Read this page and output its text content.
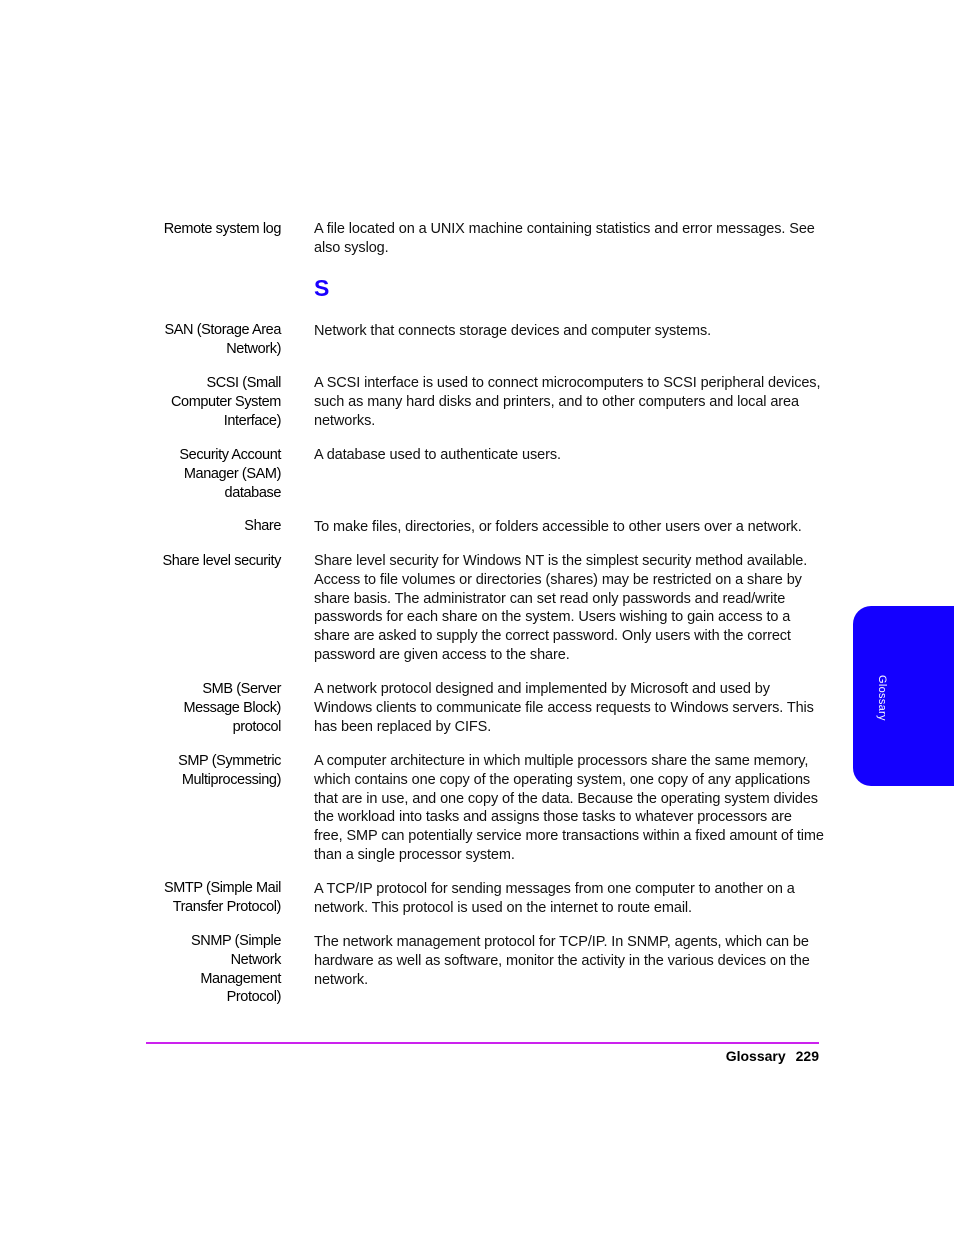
Remote system log A file located on a UNIX machine containing statistics and error messages. See also syslog.
S
SAN (Storage Area Network)
Network that connects storage devices and computer systems.
SCSI (Small Computer System Interface)
A SCSI interface is used to connect microcomputers to SCSI peripheral devices, such as many hard disks and printers, and to other computers and local area networks.
Security Account Manager (SAM) database
A database used to authenticate users.
Share To make files, directories, or folders accessible to other users over a network.
Share level security Share level security for Windows NT is the simplest security method available. Access to file volumes or directories (shares) may be restricted on a share by share basis. The administrator can set read only passwords and read/write passwords for each share on the system. Users wishing to gain access to a share are asked to supply the correct password. Only users with the correct password are given access to the share.
SMB (Server Message Block) protocol
A network protocol designed and implemented by Microsoft and used by Windows clients to communicate file access requests to Windows servers. This has been replaced by CIFS.
SMP (Symmetric Multiprocessing)
A computer architecture in which multiple processors share the same memory, which contains one copy of the operating system, one copy of any applications that are in use, and one copy of the data. Because the operating system divides the workload into tasks and assigns those tasks to whatever processors are free, SMP can potentially service more transactions within a fixed amount of time than a single processor system.
SMTP (Simple Mail Transfer Protocol)
A TCP/IP protocol for sending messages from one computer to another on a network. This protocol is used on the internet to route email.
SNMP (Simple Network Management Protocol)
The network management protocol for TCP/IP. In SNMP, agents, which can be hardware as well as software, monitor the activity in the various devices on the network.
Glossary
Glossary 229
